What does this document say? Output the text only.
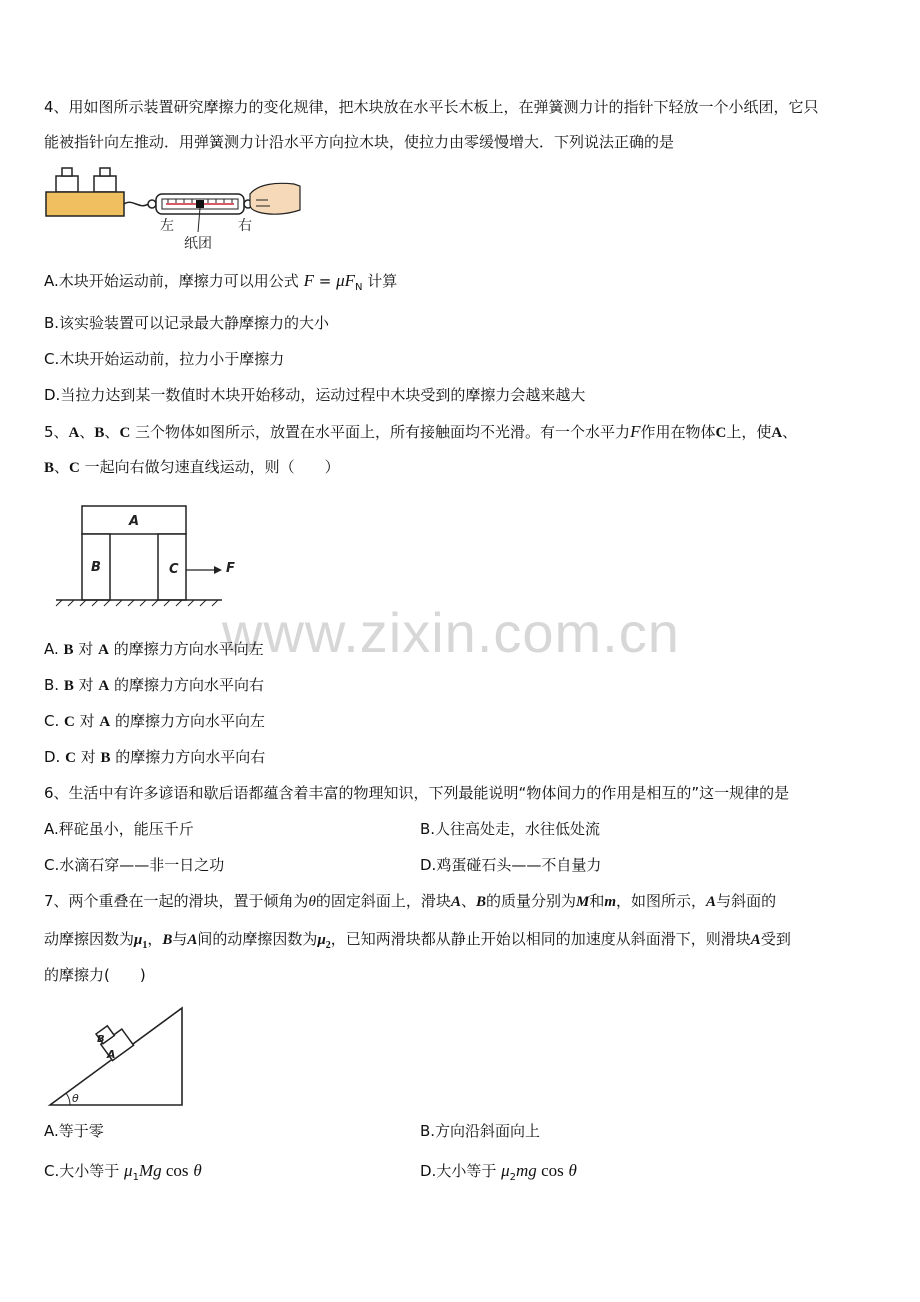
www.zixin.com.cn
4、用如图所示装置研究摩擦力的变化规律，把木块放在水平长木板上，在弹簧测力计的指针下轻放一个小纸团，它只
能被指针向左推动．用弹簧测力计沿水平方向拉木块，使拉力由零缓慢增大．下列说法正确的是
左	右
纸团
A.木块开始运动前，摩擦力可以用公式 $F = \mu F_N$ 计算
B.该实验装置可以记录最大静摩擦力的大小
C.木块开始运动前，拉力小于摩擦力
D.当拉力达到某一数值时木块开始移动，运动过程中木块受到的摩擦力会越来越大
5、A、B、C 三个物体如图所示，放置在水平面上，所有接触面均不光滑。有一个水平力F作用在物体C上，使A、
B、C 一起向右做匀速直线运动，则（　　）
A
B	C	F
A. B 对 A 的摩擦力方向水平向左
B. B 对 A 的摩擦力方向水平向右
C. C 对 A 的摩擦力方向水平向左
D. C 对 B 的摩擦力方向水平向右
6、生活中有许多谚语和歇后语都蕴含着丰富的物理知识，下列最能说明“物体间力的作用是相互的”这一规律的是
A.秤砣虽小，能压千斤	B.人往高处走，水往低处流
C.水滴石穿——非一日之功	D.鸡蛋碰石头——不自量力
7、两个重叠在一起的滑块，置于倾角为θ的固定斜面上，滑块A、B的质量分别为M和m，如图所示，A与斜面的
动摩擦因数为$\mu_1$，B与A间的动摩擦因数为$\mu_2$，已知两滑块都从静止开始以相同的加速度从斜面滑下，则滑块A受到
的摩擦力(　　)
A
B
θ
A.等于零	B.方向沿斜面向上
C.大小等于 $\mu_1Mg$ cos θ	D.大小等于 $\mu_2mg$ cos θ
